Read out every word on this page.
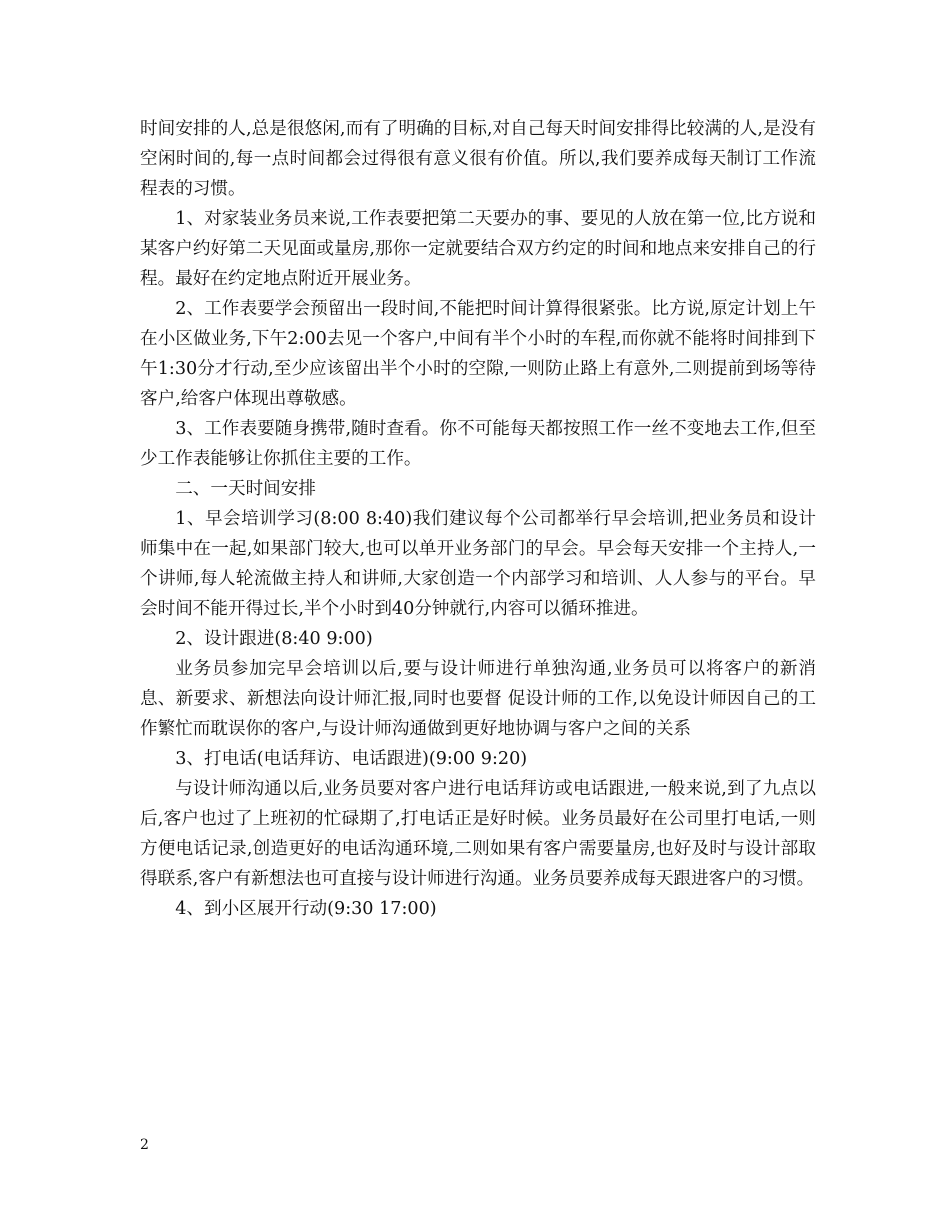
时间安排的人,总是很悠闲,而有了明确的目标,对自己每天时间安排得比较满的人,是没有空闲时间的,每一点时间都会过得很有意义很有价值。所以,我们要养成每天制订工作流程表的习惯。

1、对家装业务员来说,工作表要把第二天要办的事、要见的人放在第一位,比方说和某客户约好第二天见面或量房,那你一定就要结合双方约定的时间和地点来安排自己的行程。最好在约定地点附近开展业务。

2、工作表要学会预留出一段时间,不能把时间计算得很紧张。比方说,原定计划上午在小区做业务,下午2:00去见一个客户,中间有半个小时的车程,而你就不能将时间排到下午1:30分才行动,至少应该留出半个小时的空隙,一则防止路上有意外,二则提前到场等待客户,给客户体现出尊敬感。

3、工作表要随身携带,随时查看。你不可能每天都按照工作一丝不变地去工作,但至少工作表能够让你抓住主要的工作。

二、一天时间安排

1、早会培训学习(8:00 8:40)我们建议每个公司都举行早会培训,把业务员和设计师集中在一起,如果部门较大,也可以单开业务部门的早会。早会每天安排一个主持人,一个讲师,每人轮流做主持人和讲师,大家创造一个内部学习和培训、人人参与的平台。早会时间不能开得过长,半个小时到40分钟就行,内容可以循环推进。

2、设计跟进(8:40 9:00)

业务员参加完早会培训以后,要与设计师进行单独沟通,业务员可以将客户的新消息、新要求、新想法向设计师汇报,同时也要督 促设计师的工作,以免设计师因自己的工作繁忙而耽误你的客户,与设计师沟通做到更好地协调与客户之间的关系

3、打电话(电话拜访、电话跟进)(9:00 9:20)

与设计师沟通以后,业务员要对客户进行电话拜访或电话跟进,一般来说,到了九点以后,客户也过了上班初的忙碌期了,打电话正是好时候。业务员最好在公司里打电话,一则方便电话记录,创造更好的电话沟通环境,二则如果有客户需要量房,也好及时与设计部取得联系,客户有新想法也可直接与设计师进行沟通。业务员要养成每天跟进客户的习惯。

4、到小区展开行动(9:30 17:00)

2
